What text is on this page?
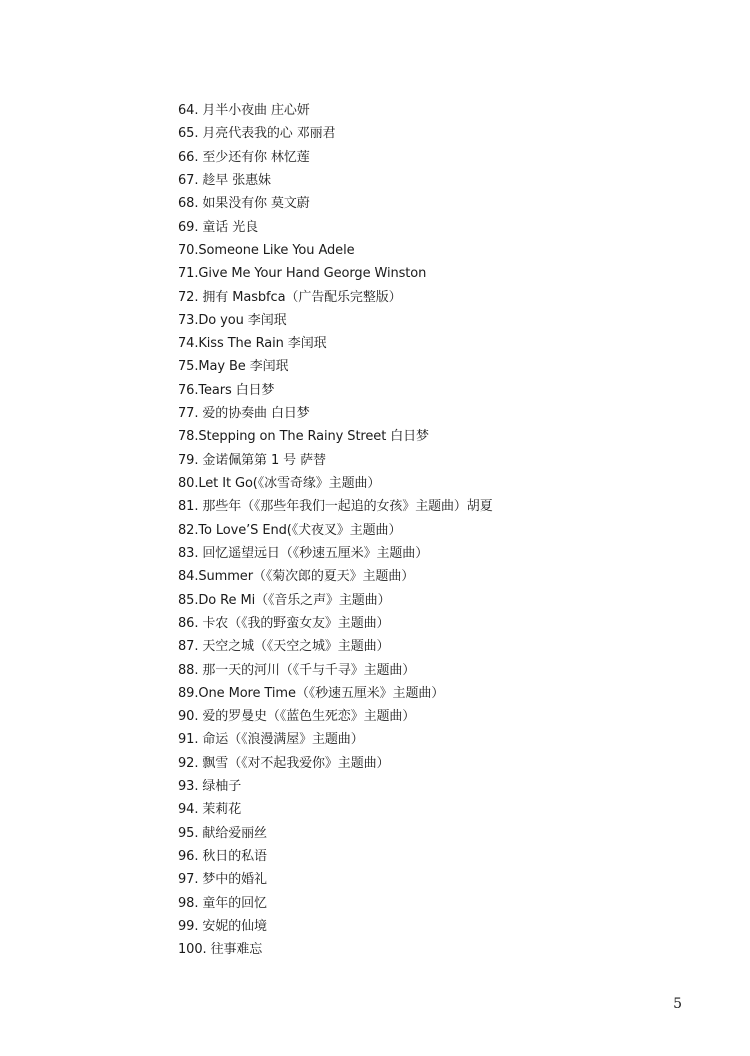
64. 月半小夜曲 庄心妍
65. 月亮代表我的心 邓丽君
66. 至少还有你 林忆莲
67. 趁早 张惠妹
68. 如果没有你 莫文蔚
69. 童话 光良
70.Someone Like You Adele
71.Give Me Your Hand George Winston
72. 拥有 Masbfca（广告配乐完整版）
73.Do you 李闰珉
74.Kiss The Rain 李闰珉
75.May Be 李闰珉
76.Tears 白日梦
77. 爱的协奏曲 白日梦
78.Stepping on The Rainy Street 白日梦
79. 金诺佩第第 1 号 萨替
80.Let It Go(《冰雪奇缘》主题曲）
81. 那些年（《那些年我们一起追的女孩》主题曲）胡夏
82.To Love’S End(《犬夜叉》主题曲）
83. 回忆遥望远日（《秒速五厘米》主题曲）
84.Summer（《菊次郎的夏天》主题曲）
85.Do Re Mi（《音乐之声》主题曲）
86. 卡农（《我的野蛮女友》主题曲）
87. 天空之城（《天空之城》主题曲）
88. 那一天的河川（《千与千寻》主题曲）
89.One More Time（《秒速五厘米》主题曲）
90. 爱的罗曼史（《蓝色生死恋》主题曲）
91. 命运（《浪漫满屋》主题曲）
92. 飘雪（《对不起我爱你》主题曲）
93. 绿柚子
94. 茉莉花
95. 献给爱丽丝
96. 秋日的私语
97. 梦中的婚礼
98. 童年的回忆
99. 安妮的仙境
100. 往事难忘
5
